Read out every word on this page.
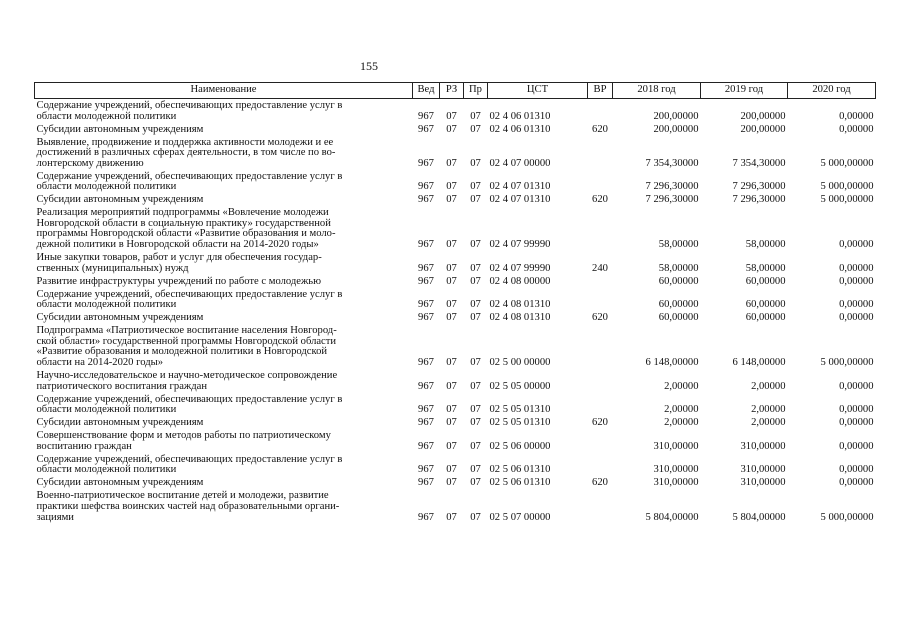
155
Наименование	Вед	РЗ	Пр	ЦСТ	ВР	2018 год	2019 год	2020 год

Содержание учреждений, обеспечивающих предоставление услуг в
области молодежной политики	967	07	07	02 4 06 01310		200,00000	200,00000	0,00000

Субсидии автономным учреждениям	967	07	07	02 4 06 01310	620	200,00000	200,00000	0,00000

Выявление, продвижение и поддержка активности молодежи и ее
достижений в различных сферах деятельности, в том числе по во-
лонтерскому движению	967	07	07	02 4 07 00000		7 354,30000	7 354,30000	5 000,00000

Содержание учреждений, обеспечивающих предоставление услуг в
области молодежной политики	967	07	07	02 4 07 01310		7 296,30000	7 296,30000	5 000,00000

Субсидии автономным учреждениям	967	07	07	02 4 07 01310	620	7 296,30000	7 296,30000	5 000,00000

Реализация мероприятий подпрограммы «Вовлечение молодежи
Новгородской области в социальную практику» государственной
программы Новгородской области «Развитие образования и моло-
дежной политики в Новгородской области на 2014-2020 годы»	967	07	07	02 4 07 99990		58,00000	58,00000	0,00000

Иные закупки товаров, работ и услуг для обеспечения государ-
ственных (муниципальных) нужд	967	07	07	02 4 07 99990	240	58,00000	58,00000	0,00000

Развитие инфраструктуры учреждений по работе с молодежью	967	07	07	02 4 08 00000		60,00000	60,00000	0,00000

Содержание учреждений, обеспечивающих предоставление услуг в
области молодежной политики	967	07	07	02 4 08 01310		60,00000	60,00000	0,00000

Субсидии автономным учреждениям	967	07	07	02 4 08 01310	620	60,00000	60,00000	0,00000

Подпрограмма «Патриотическое воспитание населения Новгород-
ской области» государственной программы Новгородской области
«Развитие образования и молодежной политики в Новгородской
области на 2014-2020 годы»	967	07	07	02 5 00 00000		6 148,00000	6 148,00000	5 000,00000

Научно-исследовательское и научно-методическое сопровождение
патриотического воспитания граждан	967	07	07	02 5 05 00000		2,00000	2,00000	0,00000

Содержание учреждений, обеспечивающих предоставление услуг в
области молодежной политики	967	07	07	02 5 05 01310		2,00000	2,00000	0,00000

Субсидии автономным учреждениям	967	07	07	02 5 05 01310	620	2,00000	2,00000	0,00000

Совершенствование форм и методов работы по патриотическому
воспитанию граждан	967	07	07	02 5 06 00000		310,00000	310,00000	0,00000

Содержание учреждений, обеспечивающих предоставление услуг в
области молодежной политики	967	07	07	02 5 06 01310		310,00000	310,00000	0,00000

Субсидии автономным учреждениям	967	07	07	02 5 06 01310	620	310,00000	310,00000	0,00000

Военно-патриотическое воспитание детей и молодежи, развитие
практики шефства воинских частей над образовательными органи-
зациями	967	07	07	02 5 07 00000		5 804,00000	5 804,00000	5 000,00000
